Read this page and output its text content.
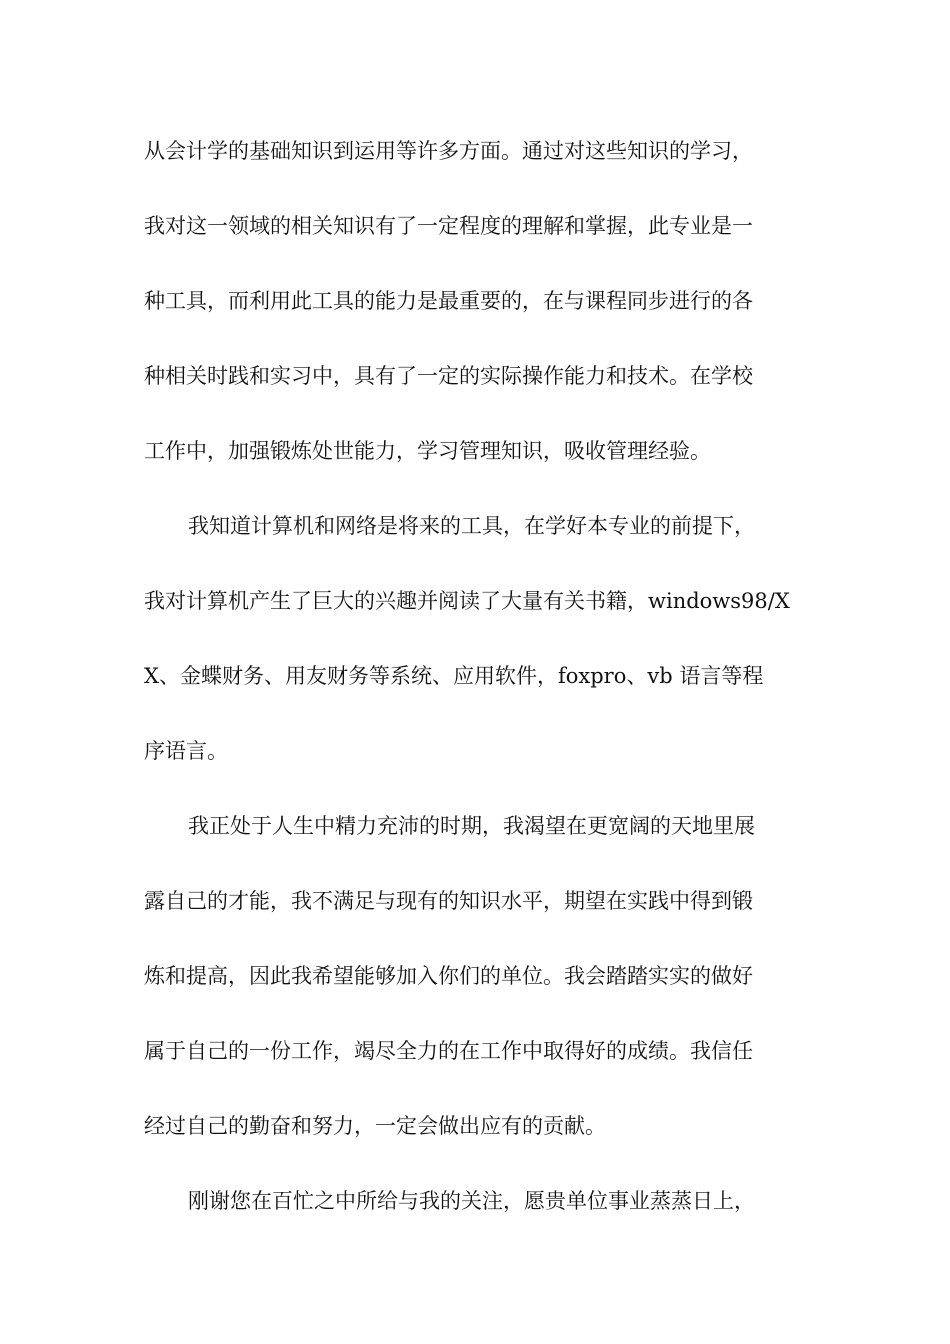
从会计学的基础知识到运用等许多方面。通过对这些知识的学习，
我对这一领域的相关知识有了一定程度的理解和掌握，此专业是一
种工具，而利用此工具的能力是最重要的，在与课程同步进行的各
种相关时践和实习中，具有了一定的实际操作能力和技术。在学校
工作中，加强锻炼处世能力，学习管理知识，吸收管理经验。
我知道计算机和网络是将来的工具，在学好本专业的前提下，
我对计算机产生了巨大的兴趣并阅读了大量有关书籍，windows98/X
X、金蝶财务、用友财务等系统、应用软件，foxpro、vb 语言等程
序语言。
我正处于人生中精力充沛的时期，我渴望在更宽阔的天地里展
露自己的才能，我不满足与现有的知识水平，期望在实践中得到锻
炼和提高，因此我希望能够加入你们的单位。我会踏踏实实的做好
属于自己的一份工作，竭尽全力的在工作中取得好的成绩。我信任
经过自己的勤奋和努力，一定会做出应有的贡献。
刚谢您在百忙之中所给与我的关注，愿贵单位事业蒸蒸日上，
